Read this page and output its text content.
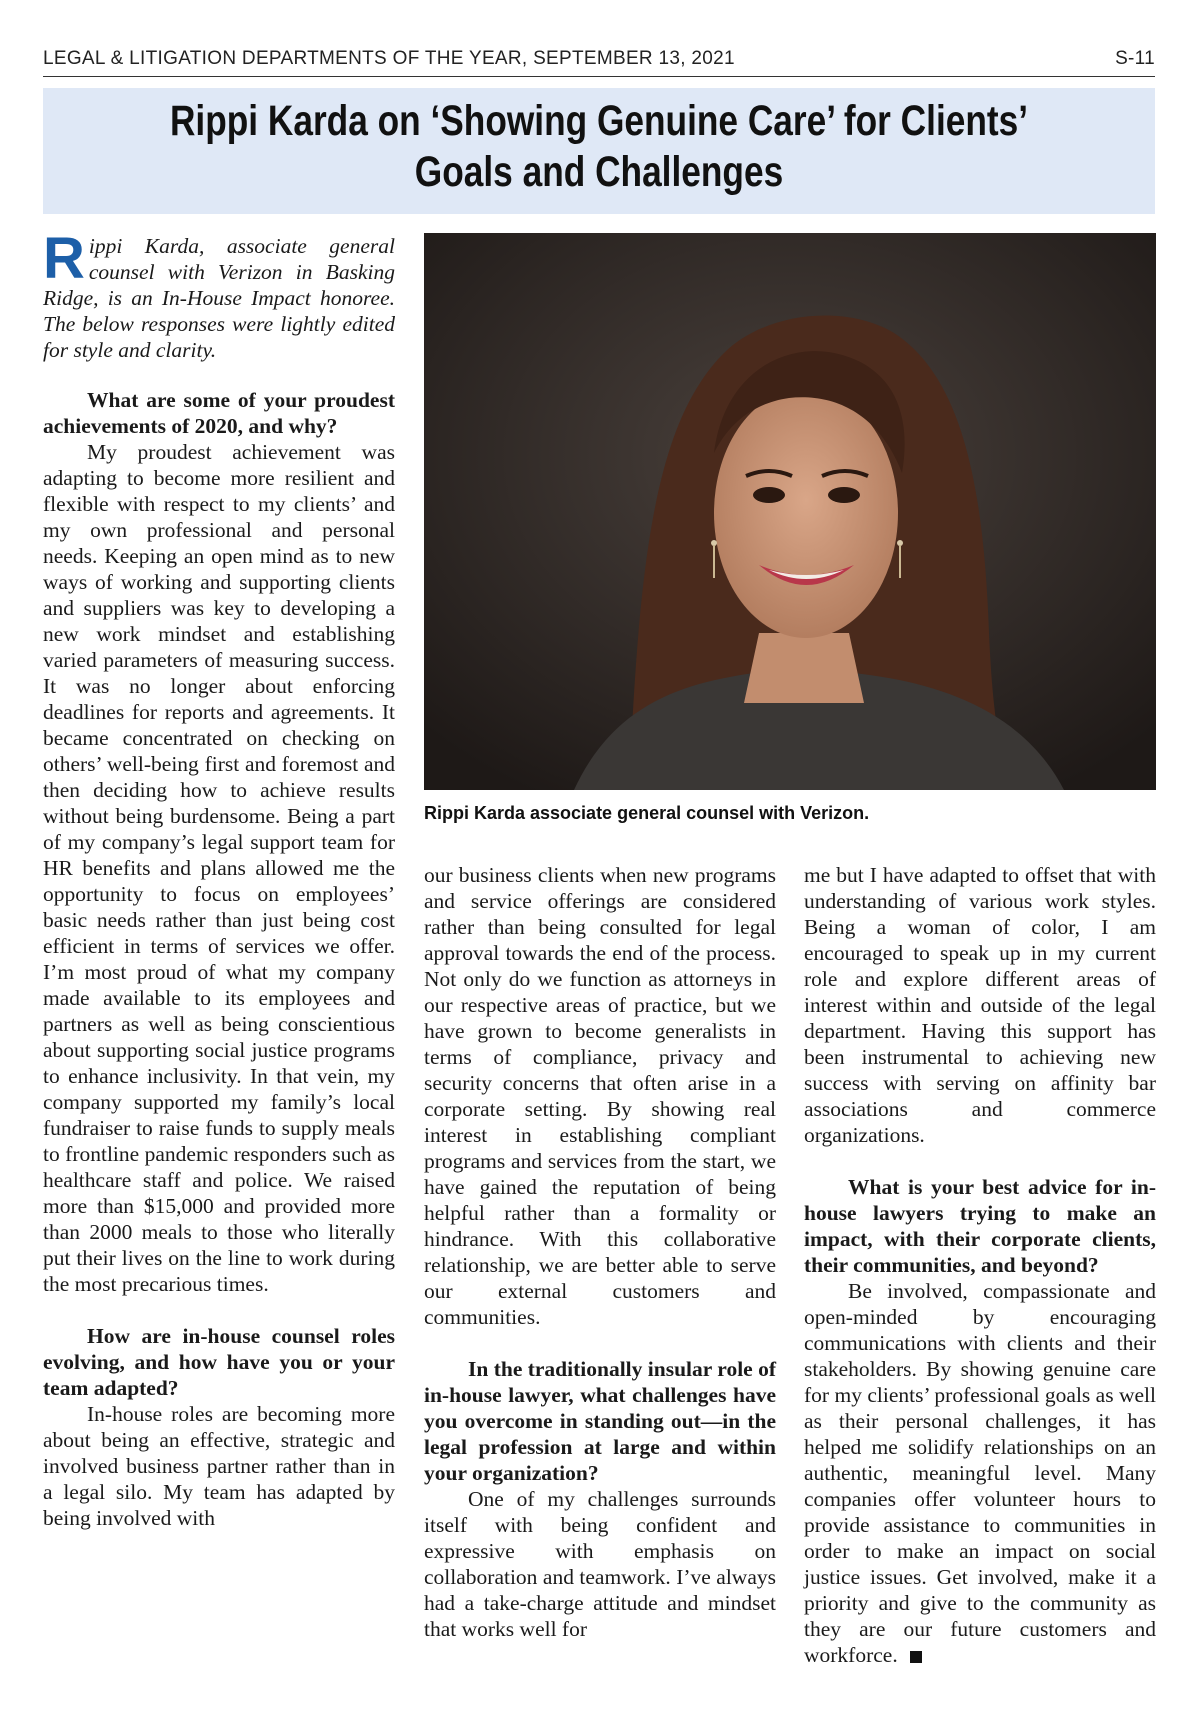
LEGAL & LITIGATION DEPARTMENTS OF THE YEAR, SEPTEMBER 13, 2021	S-11
Rippi Karda on ‘Showing Genuine Care’ for Clients’
Goals and Challenges

Rippi Karda, associate general counsel with Verizon in Basking Ridge, is an In-House Impact honoree. The below responses were lightly edited for style and clarity.

What are some of your proudest achievements of 2020, and why?

My proudest achievement was adapting to become more resilient and flexible with respect to my clients’ and my own professional and personal needs. Keeping an open mind as to new ways of working and supporting clients and suppliers was key to developing a new work mindset and establishing varied parameters of measuring success. It was no longer about enforcing deadlines for reports and agreements. It became concentrated on checking on others’ well-being first and foremost and then deciding how to achieve results without being burdensome. Being a part of my company’s legal support team for HR benefits and plans allowed me the opportunity to focus on employees’ basic needs rather than just being cost efficient in terms of services we offer. I’m most proud of what my company made available to its employees and partners as well as being conscientious about supporting social justice programs to enhance inclusivity. In that vein, my company supported my family’s local fundraiser to raise funds to supply meals to frontline pandemic responders such as healthcare staff and police. We raised more than $15,000 and provided more than 2000 meals to those who literally put their lives on the line to work during the most precarious times.

How are in-house counsel roles evolving, and how have you or your team adapted?

In-house roles are becoming more about being an effective, strategic and involved business partner rather than in a legal silo. My team has adapted by being involved with

Rippi Karda associate general counsel with Verizon.

our business clients when new programs and service offerings are considered rather than being consulted for legal approval towards the end of the process. Not only do we function as attorneys in our respective areas of practice, but we have grown to become generalists in terms of compliance, privacy and security concerns that often arise in a corporate setting. By showing real interest in establishing compliant programs and services from the start, we have gained the reputation of being helpful rather than a formality or hindrance. With this collaborative relationship, we are better able to serve our external customers and communities.

In the traditionally insular role of in-house lawyer, what challenges have you overcome in standing out—in the legal profession at large and within your organization?

One of my challenges surrounds itself with being confident and expressive with emphasis on collaboration and teamwork. I’ve always had a take-charge attitude and mindset that works well for

me but I have adapted to offset that with understanding of various work styles. Being a woman of color, I am encouraged to speak up in my current role and explore different areas of interest within and outside of the legal department. Having this support has been instrumental to achieving new success with serving on affinity bar associations and commerce organizations.

What is your best advice for in-house lawyers trying to make an impact, with their corporate clients, their communities, and beyond?

Be involved, compassionate and open-minded by encouraging communications with clients and their stakeholders. By showing genuine care for my clients’ professional goals as well as their personal challenges, it has helped me solidify relationships on an authentic, meaningful level. Many companies offer volunteer hours to provide assistance to communities in order to make an impact on social justice issues. Get involved, make it a priority and give to the community as they are our future customers and workforce.
